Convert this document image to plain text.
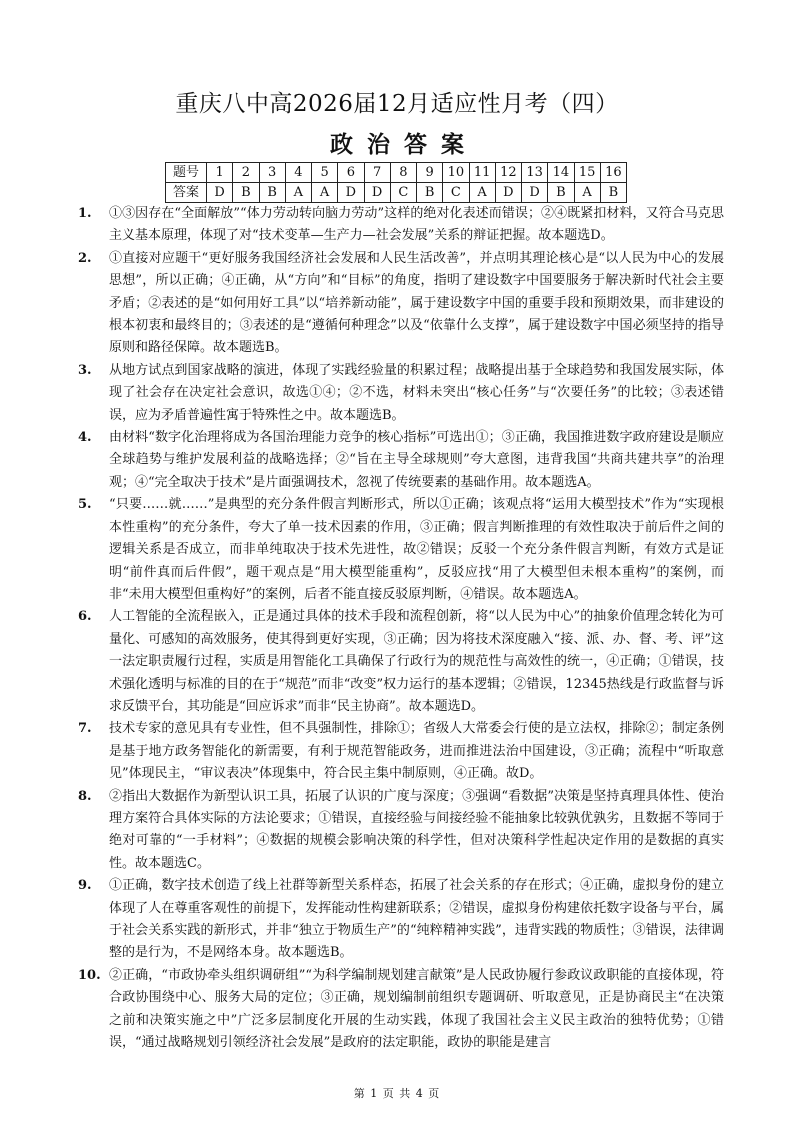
重庆八中高2026届12月适应性月考（四）
政治答案
题号	1	2	3	4	5	6	7	8	9	10	11	12	13	14	15	16
答案	D	B	B	A	A	D	D	C	B	C	A	D	D	B	A	B
1.	①③因存在“全面解放”“体力劳动转向脑力劳动”这样的绝对化表述而错误；②④既紧扣材料，又符合马克思主义基本原理，体现了对“技术变革—生产力—社会发展”关系的辩证把握。故本题选D。
2.	①直接对应题干“更好服务我国经济社会发展和人民生活改善”，并点明其理论核心是“以人民为中心的发展思想”，所以正确；④正确，从“方向”和“目标”的角度，指明了建设数字中国要服务于解决新时代社会主要矛盾；②表述的是“如何用好工具”以“培养新动能”，属于建设数字中国的重要手段和预期效果，而非建设的根本初衷和最终目的；③表述的是“遵循何种理念”以及“依靠什么支撑”，属于建设数字中国必须坚持的指导原则和路径保障。故本题选B。
3.	从地方试点到国家战略的演进，体现了实践经验量的积累过程；战略提出基于全球趋势和我国发展实际，体现了社会存在决定社会意识，故选①④；②不选，材料未突出“核心任务”与“次要任务”的比较；③表述错误，应为矛盾普遍性寓于特殊性之中。故本题选B。
4.	由材料“数字化治理将成为各国治理能力竞争的核心指标”可选出①；③正确，我国推进数字政府建设是顺应全球趋势与维护发展利益的战略选择；②“旨在主导全球规则”夸大意图，违背我国“共商共建共享”的治理观；④“完全取决于技术”是片面强调技术，忽视了传统要素的基础作用。故本题选A。
5.	“只要……就……”是典型的充分条件假言判断形式，所以①正确；该观点将“运用大模型技术”作为“实现根本性重构”的充分条件，夸大了单一技术因素的作用，③正确；假言判断推理的有效性取决于前后件之间的逻辑关系是否成立，而非单纯取决于技术先进性，故②错误；反驳一个充分条件假言判断，有效方式是证明“前件真而后件假”，题干观点是“用大模型能重构”，反驳应找“用了大模型但未根本重构”的案例，而非“未用大模型但重构好”的案例，后者不能直接反驳原判断，④错误。故本题选A。
6.	人工智能的全流程嵌入，正是通过具体的技术手段和流程创新，将“以人民为中心”的抽象价值理念转化为可量化、可感知的高效服务，使其得到更好实现，③正确；因为将技术深度融入“接、派、办、督、考、评”这一法定职责履行过程，实质是用智能化工具确保了行政行为的规范性与高效性的统一，④正确；①错误，技术强化透明与标准的目的在于“规范”而非“改变”权力运行的基本逻辑；②错误，12345热线是行政监督与诉求反馈平台，其功能是“回应诉求”而非“民主协商”。故本题选D。
7.	技术专家的意见具有专业性，但不具强制性，排除①；省级人大常委会行使的是立法权，排除②；制定条例是基于地方政务智能化的新需要，有利于规范智能政务，进而推进法治中国建设，③正确；流程中“听取意见”体现民主，“审议表决”体现集中，符合民主集中制原则，④正确。故D。
8.	②指出大数据作为新型认识工具，拓展了认识的广度与深度；③强调“看数据”决策是坚持真理具体性、使治理方案符合具体实际的方法论要求；①错误，直接经验与间接经验不能抽象比较孰优孰劣，且数据不等同于绝对可靠的“一手材料”；④数据的规模会影响决策的科学性，但对决策科学性起决定作用的是数据的真实性。故本题选C。
9.	①正确，数字技术创造了线上社群等新型关系样态，拓展了社会关系的存在形式；④正确，虚拟身份的建立体现了人在尊重客观性的前提下，发挥能动性构建新联系；②错误，虚拟身份构建依托数字设备与平台，属于社会关系实践的新形式，并非“独立于物质生产”的“纯粹精神实践”，违背实践的物质性；③错误，法律调整的是行为，不是网络本身。故本题选B。
10. ②正确，“市政协牵头组织调研组”“为科学编制规划建言献策”是人民政协履行参政议政职能的直接体现，符合政协围绕中心、服务大局的定位；③正确，规划编制前组织专题调研、听取意见，正是协商民主“在决策之前和决策实施之中”广泛多层制度化开展的生动实践，体现了我国社会主义民主政治的独特优势；①错误，“通过战略规划引领经济社会发展”是政府的法定职能，政协的职能是建言
第 1 页 共 4 页
